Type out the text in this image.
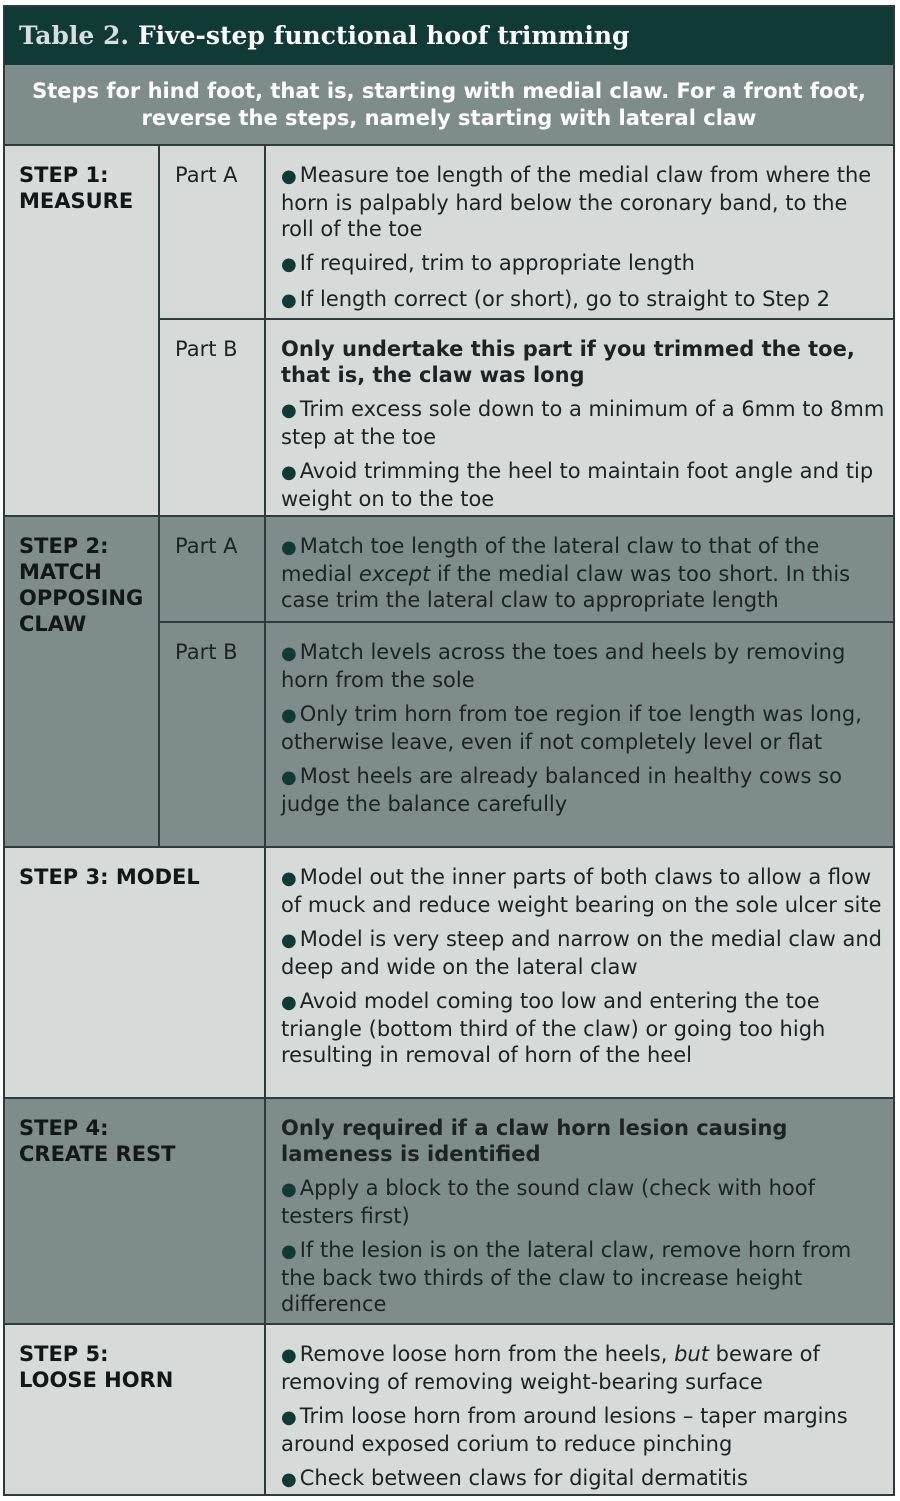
Table 2. Five-step functional hoof trimming
Steps for hind foot, that is, starting with medial claw. For a front foot, reverse the steps, namely starting with lateral claw
STEP 1:
MEASURE
Part A ● Measure toe length of the medial claw from where the horn is palpably hard below the coronary band, to the roll of the toe
● If required, trim to appropriate length
● If length correct (or short), go to straight to Step 2
Part B Only undertake this part if you trimmed the toe, that is, the claw was long
● Trim excess sole down to a minimum of a 6mm to 8mm step at the toe
● Avoid trimming the heel to maintain foot angle and tip weight on to the toe
STEP 2:
MATCH
OPPOSING
CLAW
Part A ● Match toe length of the lateral claw to that of the medial except if the medial claw was too short. In this case trim the lateral claw to appropriate length
Part B ● Match levels across the toes and heels by removing horn from the sole
● Only trim horn from toe region if toe length was long, otherwise leave, even if not completely level or flat
● Most heels are already balanced in healthy cows so judge the balance carefully
STEP 3: MODEL	● Model out the inner parts of both claws to allow a flow of muck and reduce weight bearing on the sole ulcer site
● Model is very steep and narrow on the medial claw and deep and wide on the lateral claw
● Avoid model coming too low and entering the toe triangle (bottom third of the claw) or going too high resulting in removal of horn of the heel
STEP 4:
CREATE REST
Only required if a claw horn lesion causing lameness is identified
● Apply a block to the sound claw (check with hoof testers first)
● If the lesion is on the lateral claw, remove horn from the back two thirds of the claw to increase height difference
STEP 5:
LOOSE HORN
● Remove loose horn from the heels, but beware of removing of removing weight-bearing surface
● Trim loose horn from around lesions – taper margins around exposed corium to reduce pinching
● Check between claws for digital dermatitis
